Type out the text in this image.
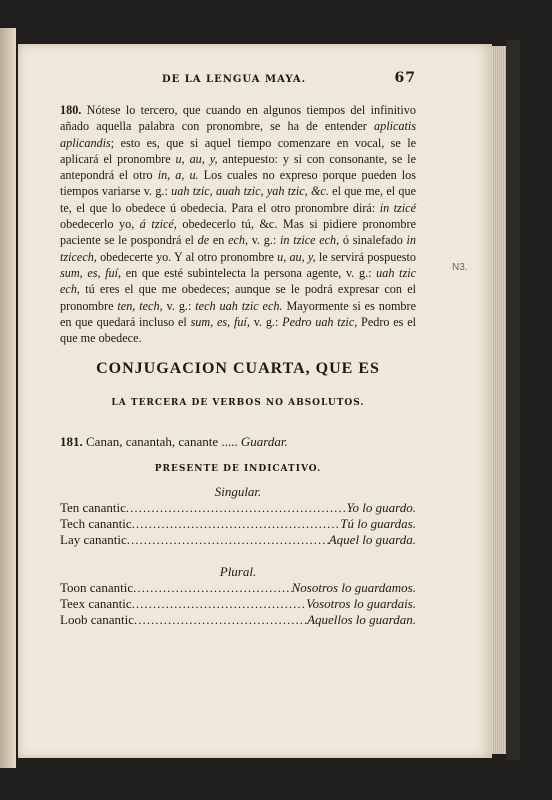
N3.
DE LA LENGUA MAYA.	67
180. Nótese lo tercero, que cuando en algunos tiempos del infinitivo añado aquella palabra con pronombre, se ha de entender aplicatis aplicandis; esto es, que si aquel tiempo comenzare en vocal, se le aplicará el pronombre u, au, y, antepuesto: y si con consonante, se le antepondrá el otro in, a, u. Los cuales no expreso porque pueden los tiempos variarse v. g.: uah tzic, auah tzic, yah tzic, &c. el que me, el que te, el que lo obedece ú obedecia. Para el otro pronombre dirá: in tzicé obedecerlo yo, á tzicé, obedecerlo tú, &c. Mas si pidiere pronombre paciente se le pospondrá el de en ech, v. g.: in tzice ech, ó sinalefado in tzicech, obedecerte yo. Y al otro pronombre u, au, y, le servirá pospuesto sum, es, fuí, en que esté subintelecta la persona agente, v. g.: uah tzic ech, tú eres el que me obedeces; aunque se le podrá expresar con el pronombre ten, tech, v. g.: tech uah tzic ech. Mayormente si es nombre en que quedará incluso el sum, es, fuí, v. g.: Pedro uah tzic, Pedro es el que me obedece.
CONJUGACION CUARTA, QUE ES
LA TERCERA DE VERBOS NO ABSOLUTOS.
181. Canan, canantah, canante ..... Guardar.
PRESENTE DE INDICATIVO.
Singular.
Ten canantic .....	Yo lo guardo.
Tech canantic .....	Tú lo guardas.
Lay canantic .....	Aquel lo guarda.
Plural.
Toon canantic .....	Nosotros lo guardamos.
Teex canantic .....	Vosotros lo guardais.
Loob canantic .....	Aquellos lo guardan.
